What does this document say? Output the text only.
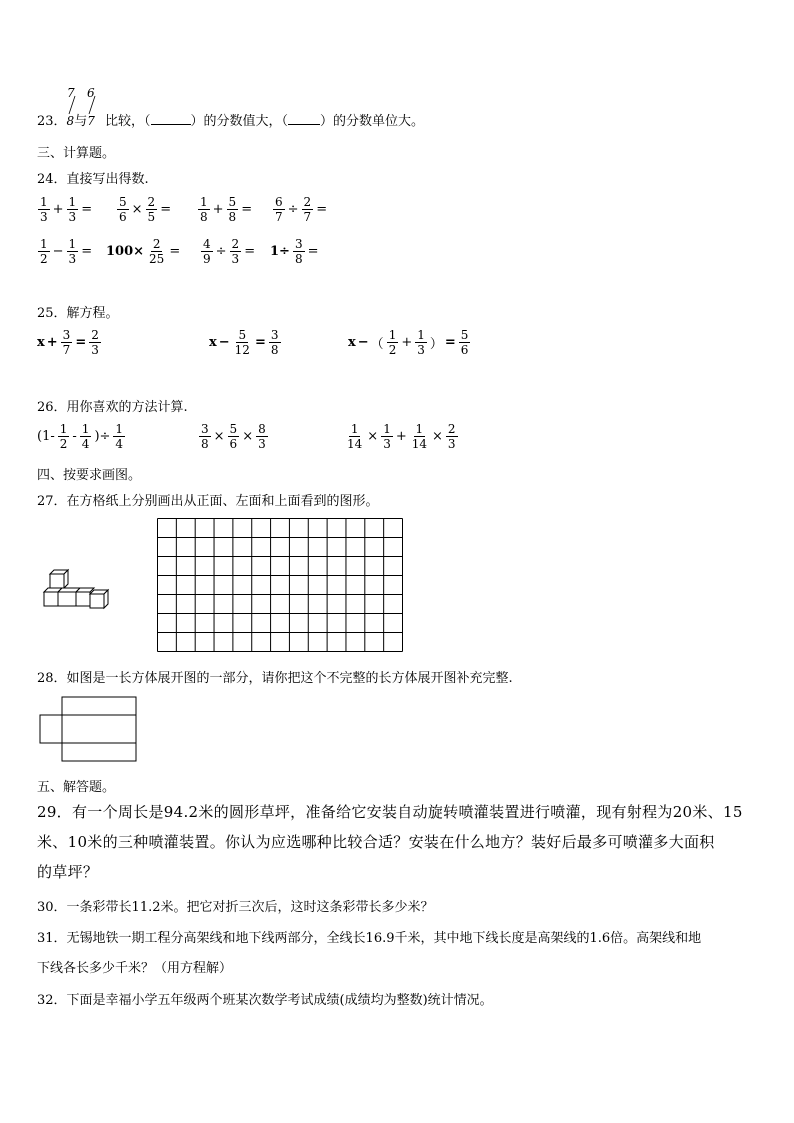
7 6
23．8与7 比较，（	）的分数值大，（ ）的分数单位大。
三、计算题。
24．直接写出得数.
$\frac{1}{3} + \frac{1}{3} = \frac{5}{6} \times \frac{2}{5} = \frac{1}{8} + \frac{5}{8} = \frac{6}{7} \div \frac{2}{7}$ =
$\frac{1}{2} - \frac{1}{3} = 100\times \frac{2}{25} = \frac{4}{9} \div \frac{2}{3} = 1\div \frac{3}{8}$ =
25．解方程。
$x + \frac{3}{7} = \frac{2}{3}$	$x - \frac{5}{12} = \frac{3}{8}$	x − （ $\frac{1}{2} + \frac{1}{3}$ ） = $\frac{5}{6}$
26．用你喜欢的方法计算.
($1- \frac{1}{2} - \frac{1}{4}$ )÷ $\frac{1}{4}$	$\frac{3}{8} \times \frac{5}{6} \times \frac{8}{3}$	$\frac{1}{14} \times \frac{1}{3} + \frac{1}{14} \times \frac{2}{3}$
四、按要求画图。
27．在方格纸上分别画出从正面、左面和上面看到的图形。
28．如图是一长方体展开图的一部分，请你把这个不完整的长方体展开图补充完整.
五、解答题。
29．有一个周长是94.2米的圆形草坪，准备给它安装自动旋转喷灌装置进行喷灌，现有射程为20米、15
米、10米的三种喷灌装置。你认为应选哪种比较合适？安装在什么地方？装好后最多可喷灌多大面积
的草坪？
30．一条彩带长11.2米。把它对折三次后，这时这条彩带长多少米？
31．无锡地铁一期工程分高架线和地下线两部分，全线长16.9千米，其中地下线长度是高架线的1.6倍。高架线和地
下线各长多少千米？（用方程解）
32．下面是幸福小学五年级两个班某次数学考试成绩(成绩均为整数)统计情况。
